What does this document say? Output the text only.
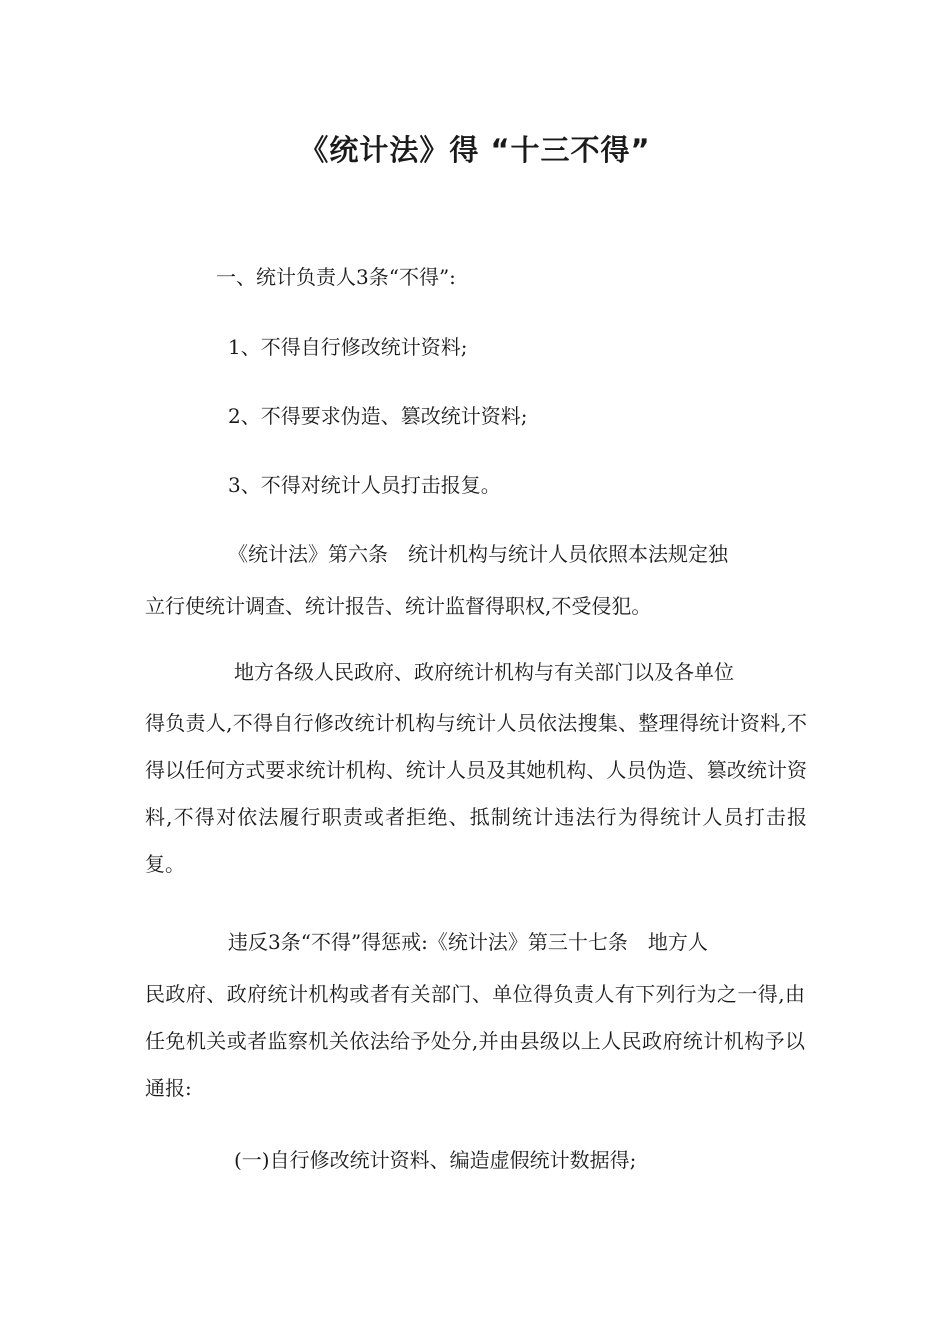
《统计法》得 “十三不得”

一、统计负责人3条“不得”:

1、不得自行修改统计资料;

2、不得要求伪造、篡改统计资料;

3、不得对统计人员打击报复。

《统计法》第六条　统计机构与统计人员依照本法规定独

立行使统计调查、统计报告、统计监督得职权,不受侵犯。

地方各级人民政府、政府统计机构与有关部门以及各单位

得负责人,不得自行修改统计机构与统计人员依法搜集、整理得统计资料,不得以任何方式要求统计机构、统计人员及其她机构、人员伪造、篡改统计资料,不得对依法履行职责或者拒绝、抵制统计违法行为得统计人员打击报复。

违反3条“不得”得惩戒:《统计法》第三十七条　地方人

民政府、政府统计机构或者有关部门、单位得负责人有下列行为之一得,由任免机关或者监察机关依法给予处分,并由县级以上人民政府统计机构予以通报:

(一)自行修改统计资料、编造虚假统计数据得;
